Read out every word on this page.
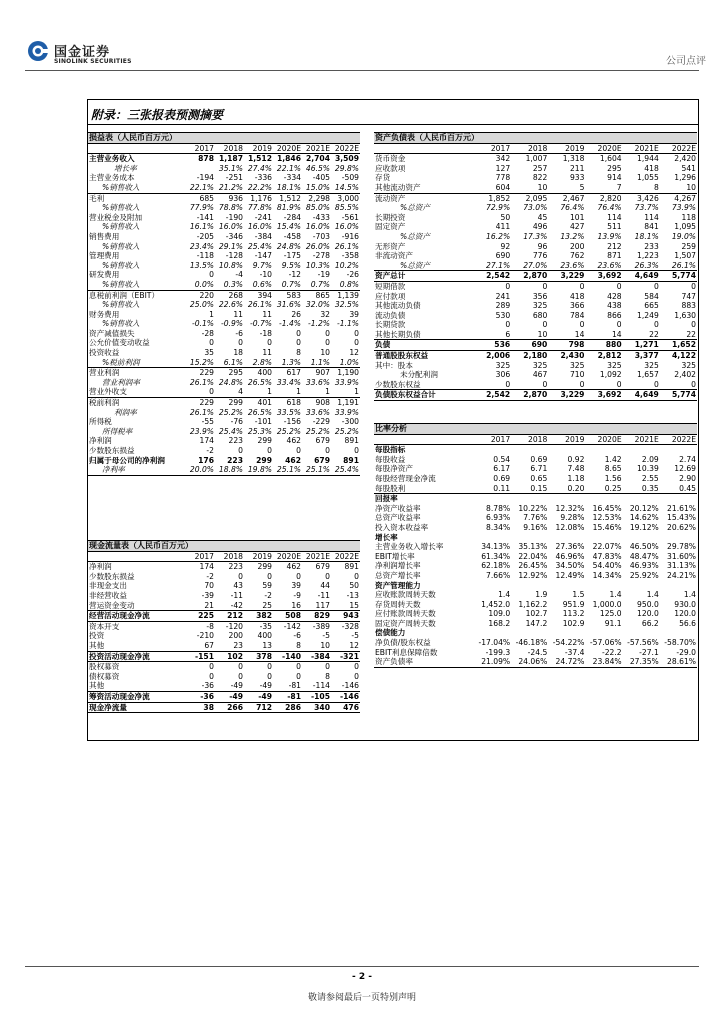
国金证券
SINOLINK SECURITIES	公司点评
附录：三张报表预测摘要
损益表（人民币百万元）						
	2017	2018	2019	2020E	2021E	2022E
主营业务收入	878	1,187	1,512	1,846	2,704	3,509
增长率		35.1%	27.4%	22.1%	46.5%	29.8%
主营业务成本	-194	-251	-336	-334	-405	-509
%销售收入	22.1%	21.2%	22.2%	18.1%	15.0%	14.5%
毛利	685	936	1,176	1,512	2,298	3,000
%销售收入	77.9%	78.8%	77.8%	81.9%	85.0%	85.5%
营业税金及附加	-141	-190	-241	-284	-433	-561
%销售收入	16.1%	16.0%	16.0%	15.4%	16.0%	16.0%
销售费用	-205	-346	-384	-458	-703	-916
%销售收入	23.4%	29.1%	25.4%	24.8%	26.0%	26.1%
管理费用	-118	-128	-147	-175	-278	-358
%销售收入	13.5%	10.8%	9.7%	9.5%	10.3%	10.2%
研发费用	0	-4	-10	-12	-19	-26
%销售收入	0.0%	0.3%	0.6%	0.7%	0.7%	0.8%
息税前利润（EBIT）	220	268	394	583	865	1,139
%销售收入	25.0%	22.6%	26.1%	31.6%	32.0%	32.5%
财务费用	1	11	11	26	32	39
%销售收入	-0.1%	-0.9%	-0.7%	-1.4%	-1.2%	-1.1%
资产减值损失	-28	-6	-18	0	0	0
公允价值变动收益	0	0	0	0	0	0
投资收益	35	18	11	8	10	12
%税前利润	15.2%	6.1%	2.8%	1.3%	1.1%	1.0%
营业利润	229	295	400	617	907	1,190
营业利润率	26.1%	24.8%	26.5%	33.4%	33.6%	33.9%
营业外收支	0	4	1	1	1	1
税前利润	229	299	401	618	908	1,191
利润率	26.1%	25.2%	26.5%	33.5%	33.6%	33.9%
所得税	-55	-76	-101	-156	-229	-300
所得税率	23.9%	25.4%	25.3%	25.2%	25.2%	25.2%
净利润	174	223	299	462	679	891
少数股东损益	-2	0	0	0	0	0
归属于母公司的净利润	176	223	299	462	679	891
净利率	20.0%	18.8%	19.8%	25.1%	25.1%	25.4%
资产负债表（人民币百万元）						
	2017	2018	2019	2020E	2021E	2022E
货币资金	342	1,007	1,318	1,604	1,944	2,420
应收款项	127	257	211	295	418	541
存货	778	822	933	914	1,055	1,296
其他流动资产	604	10	5	7	8	10
流动资产	1,852	2,095	2,467	2,820	3,426	4,267
%总资产	72.9%	73.0%	76.4%	76.4%	73.7%	73.9%
长期投资	50	45	101	114	114	118
固定资产	411	496	427	511	841	1,095
%总资产	16.2%	17.3%	13.2%	13.9%	18.1%	19.0%
无形资产	92	96	200	212	233	259
非流动资产	690	776	762	871	1,223	1,507
%总资产	27.1%	27.0%	23.6%	23.6%	26.3%	26.1%
资产总计	2,542	2,870	3,229	3,692	4,649	5,774
短期借款	0	0	0	0	0	0
应付款项	241	356	418	428	584	747
其他流动负债	289	325	366	438	665	883
流动负债	530	680	784	866	1,249	1,630
长期贷款	0	0	0	0	0	0
其他长期负债	6	10	14	14	22	22
负债	536	690	798	880	1,271	1,652
普通股股东权益	2,006	2,180	2,430	2,812	3,377	4,122
其中：股本	325	325	325	325	325	325
未分配利润	306	467	710	1,092	1,657	2,402
少数股东权益	0	0	0	0	0	0
负债股东权益合计	2,542	2,870	3,229	3,692	4,649	5,774
比率分析						
	2017	2018	2019	2020E	2021E	2022E
每股指标						
每股收益	0.54	0.69	0.92	1.42	2.09	2.74
每股净资产	6.17	6.71	7.48	8.65	10.39	12.69
每股经营现金净流	0.69	0.65	1.18	1.56	2.55	2.90
每股股利	0.11	0.15	0.20	0.25	0.35	0.45
回报率						
净资产收益率	8.78%	10.22%	12.32%	16.45%	20.12%	21.61%
总资产收益率	6.93%	7.76%	9.28%	12.53%	14.62%	15.43%
投入资本收益率	8.34%	9.16%	12.08%	15.46%	19.12%	20.62%
增长率						
主营业务收入增长率	34.13%	35.13%	27.36%	22.07%	46.50%	29.78%
EBIT增长率	61.34%	22.04%	46.96%	47.83%	48.47%	31.60%
净利润增长率	62.18%	26.45%	34.50%	54.40%	46.93%	31.13%
总资产增长率	7.66%	12.92%	12.49%	14.34%	25.92%	24.21%
资产管理能力						
应收账款周转天数	1.4	1.9	1.5	1.4	1.4	1.4
存货周转天数	1,452.0	1,162.2	951.9	1,000.0	950.0	930.0
应付账款周转天数	109.0	102.7	113.2	125.0	120.0	120.0
固定资产周转天数	168.2	147.2	102.9	91.1	66.2	56.6
偿债能力						
净负债/股东权益	-17.04%	-46.18%	-54.22%	-57.06%	-57.56%	-58.70%
EBIT利息保障倍数	-199.3	-24.5	-37.4	-22.2	-27.1	-29.0
资产负债率	21.09%	24.06%	24.72%	23.84%	27.35%	28.61%
现金流量表（人民币百万元）						
	2017	2018	2019	2020E	2021E	2022E
净利润	174	223	299	462	679	891
少数股东损益	-2	0	0	0	0	0
非现金支出	70	43	59	39	44	50
非经营收益	-39	-11	-2	-9	-11	-13
营运资金变动	21	-42	25	16	117	15
经营活动现金净流	225	212	382	508	829	943
资本开支	-8	-120	-35	-142	-389	-328
投资	-210	200	400	-6	-5	-5
其他	67	23	13	8	10	12
投资活动现金净流	-151	102	378	-140	-384	-321
股权募资	0	0	0	0	0	0
债权募资	0	0	0	0	8	0
其他	-36	-49	-49	-81	-114	-146
筹资活动现金净流	-36	-49	-49	-81	-105	-146
现金净流量	38	266	712	286	340	476
- 2 -
敬请参阅最后一页特别声明
